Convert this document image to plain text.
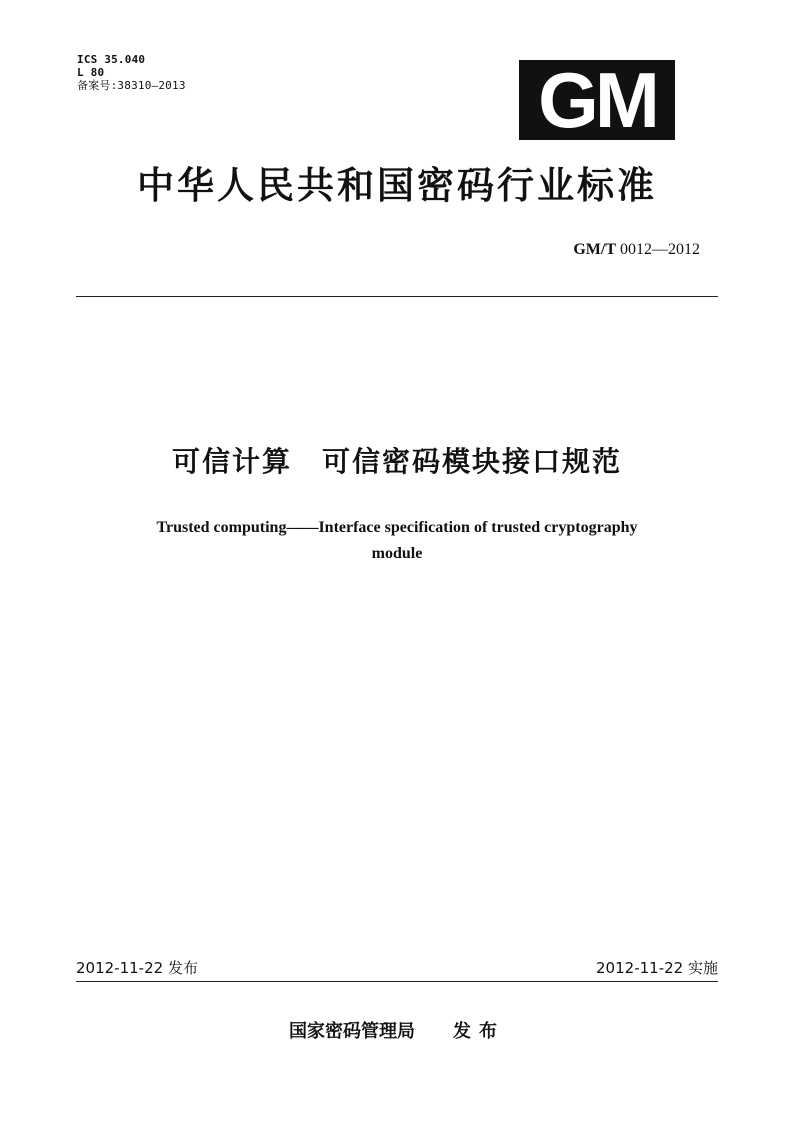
ICS 35.040
L 80
备案号:38310—2013	GM
中华人民共和国密码行业标准
GM/T 0012—2012
可信计算　可信密码模块接口规范
Trusted computing——Interface specification of trusted cryptography
module
2012-11-22 发布	2012-11-22 实施
国家密码管理局 发布
